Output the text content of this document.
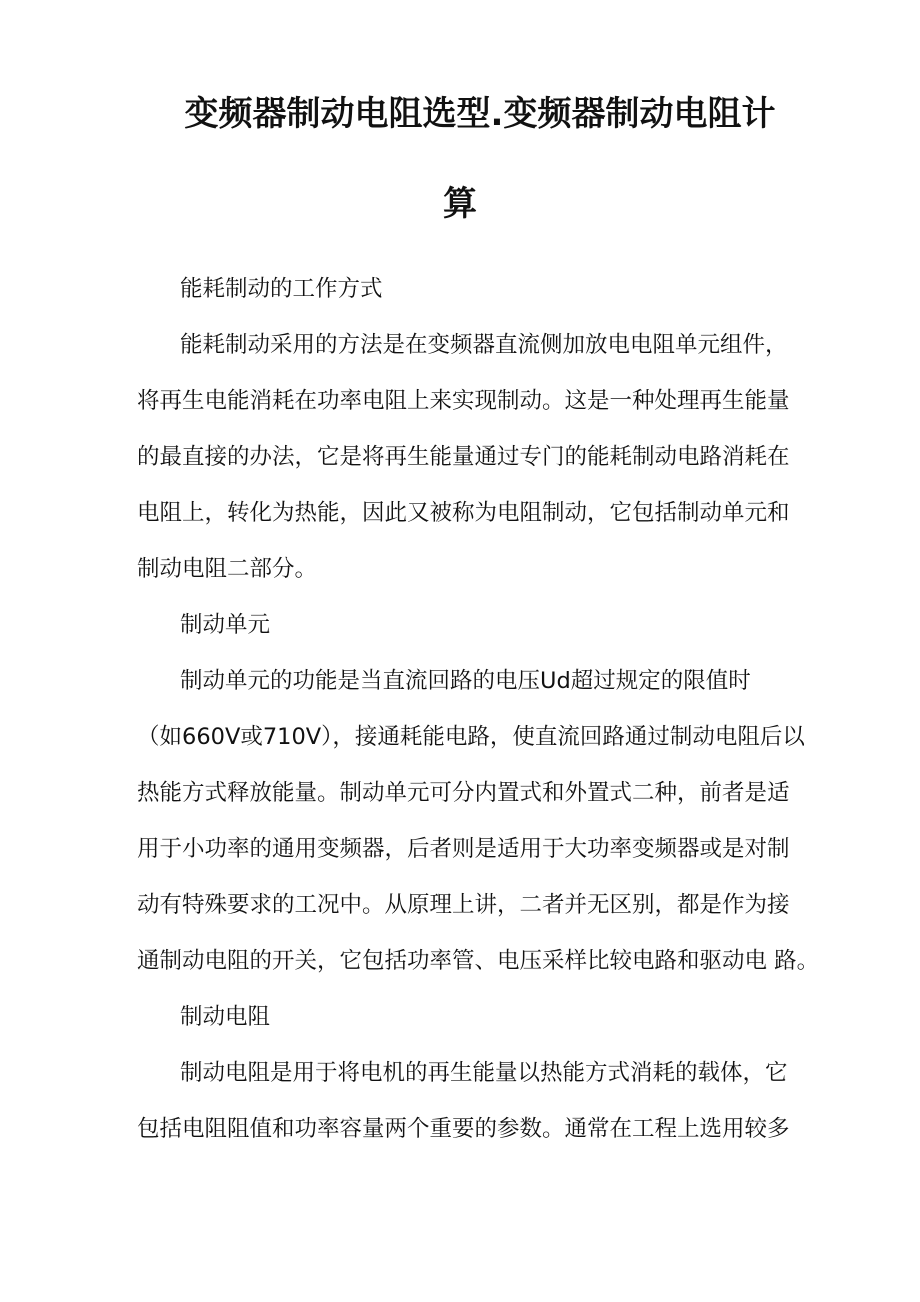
变频器制动电阻选型.变频器制动电阻计
算
能耗制动的工作方式
能耗制动采用的方法是在变频器直流侧加放电电阻单元组件，
将再生电能消耗在功率电阻上来实现制动。这是一种处理再生能量
的最直接的办法，它是将再生能量通过专门的能耗制动电路消耗在
电阻上，转化为热能，因此又被称为电阻制动，它包括制动单元和
制动电阻二部分。
制动单元
制动单元的功能是当直流回路的电压Ud超过规定的限值时
（如660V或710V），接通耗能电路，使直流回路通过制动电阻后以
热能方式释放能量。制动单元可分内置式和外置式二种，前者是适
用于小功率的通用变频器，后者则是适用于大功率变频器或是对制
动有特殊要求的工况中。从原理上讲，二者并无区别，都是作为接
通制动电阻的开关，它包括功率管、电压采样比较电路和驱动电 路。
制动电阻
制动电阻是用于将电机的再生能量以热能方式消耗的载体，它
包括电阻阻值和功率容量两个重要的参数。通常在工程上选用较多
